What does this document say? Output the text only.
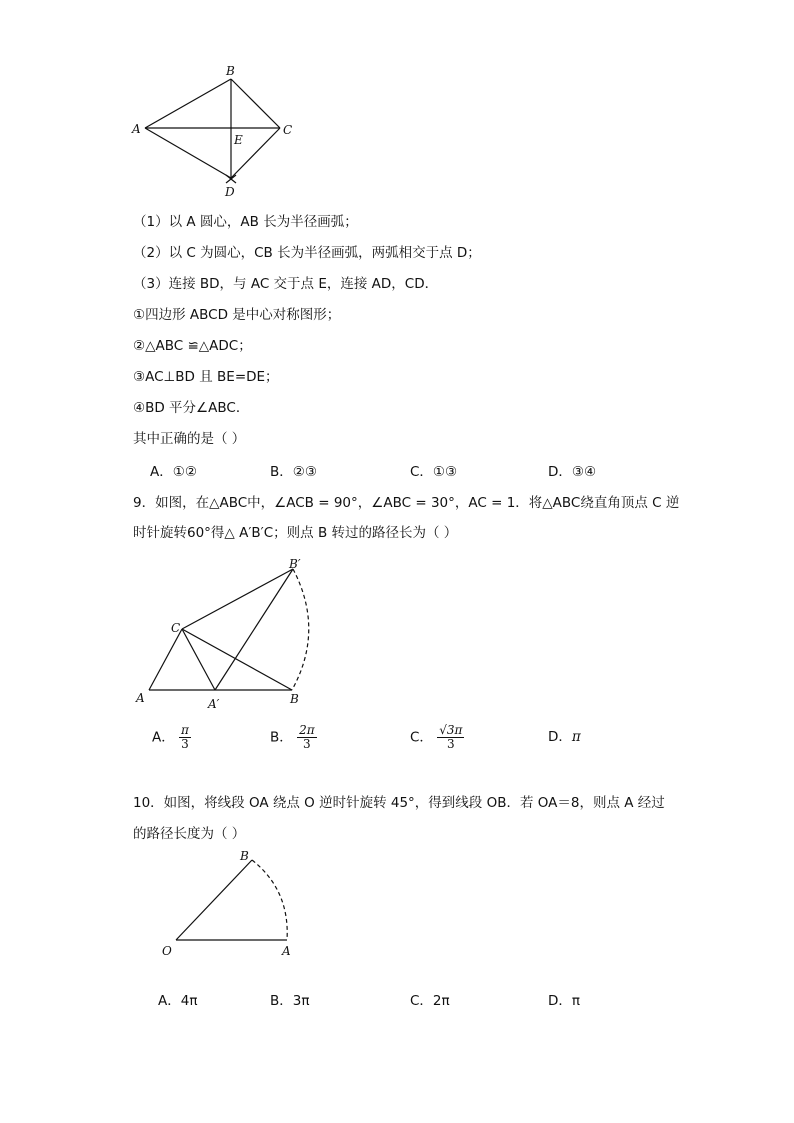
A
B
C
D
E
（1）以 A 圆心，AB 长为半径画弧；
（2）以 C 为圆心，CB 长为半径画弧，两弧相交于点 D；
（3）连接 BD，与 AC 交于点 E，连接 AD，CD．
①四边形 ABCD 是中心对称图形；
②△ABC ≌△ADC；
③AC⊥BD 且 BE=DE；
④BD 平分∠ABC．
其中正确的是（ ）
A．①②	B．②③	C．①③	D．③④
9．如图，在△ABC中，∠ACB = 90°，∠ABC = 30°，AC = 1．将△ABC绕直角顶点 C 逆
时针旋转60°得△ A′B′C；则点 B 转过的路径长为（ ）
A	A′	B
B′
C
A． $\frac{\pi}{3}$	B． $\frac{2\pi}{3}$	C． $\frac{√3\pi}{3}$	D．π
10．如图，将线段 OA 绕点 O 逆时针旋转 45°，得到线段 OB．若 OA＝8，则点 A 经过
的路径长度为（ ）
O	A
B
A．4π	B．3π	C．2π	D．π
